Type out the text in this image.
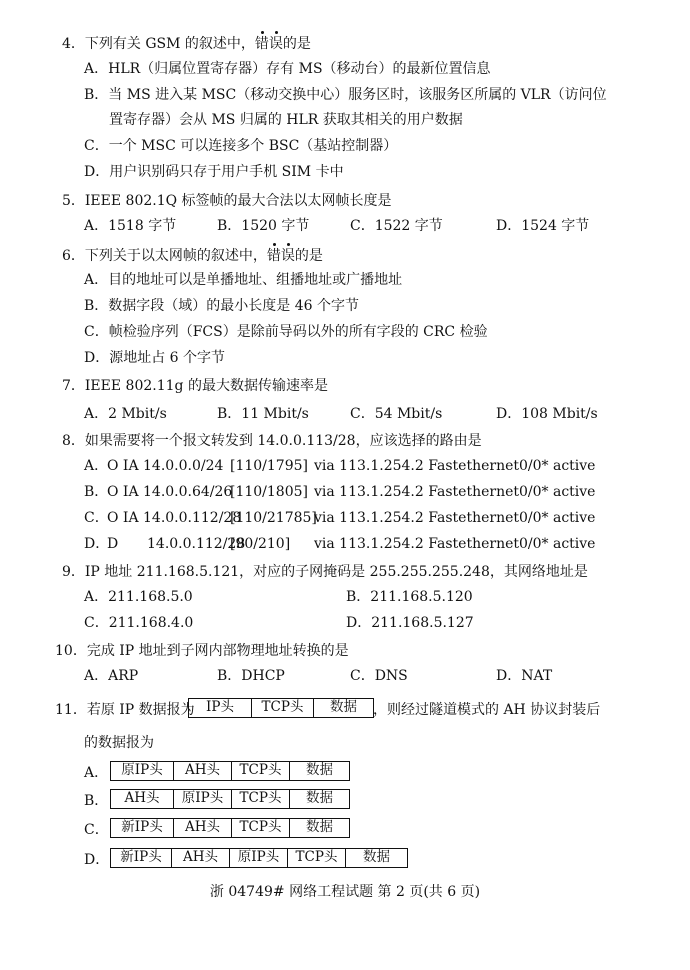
4．下列有关 GSM 的叙述中，错误的是
A．HLR（归属位置寄存器）存有 MS（移动台）的最新位置信息
B．当 MS 进入某 MSC（移动交换中心）服务区时，该服务区所属的 VLR（访问位
置寄存器）会从 MS 归属的 HLR 获取其相关的用户数据
C．一个 MSC 可以连接多个 BSC（基站控制器）
D．用户识别码只存于用户手机 SIM 卡中
5．IEEE 802.1Q 标签帧的最大合法以太网帧长度是
A．1518 字节	B．1520 字节	C．1522 字节	D．1524 字节
6．下列关于以太网帧的叙述中，错误的是
A．目的地址可以是单播地址、组播地址或广播地址
B．数据字段（域）的最小长度是 46 个字节
C．帧检验序列（FCS）是除前导码以外的所有字段的 CRC 检验
D．源地址占 6 个字节
7．IEEE 802.11g 的最大数据传输速率是
A．2 Mbit/s	B．11 Mbit/s	C．54 Mbit/s	D．108 Mbit/s
8．如果需要将一个报文转发到 14.0.0.113/28，应该选择的路由是
A．
O IA 14.0.0.0/24 [110/1795] via 113.1.254.2 Fastethernet0/0* active
B．
O IA 14.0.0.64/26
[110/1805] via 113.1.254.2 Fastethernet0/0* active
C．
O IA 14.0.0.112/28
[110/21785]
via 113.1.254.2 Fastethernet0/0* active
D．
D 14.0.0.112/28
[90/210] via 113.1.254.2 Fastethernet0/0* active
9．IP 地址 211.168.5.121，对应的子网掩码是 255.255.255.248，其网络地址是
A．211.168.5.0	B．211.168.5.120
C．211.168.4.0	D．211.168.5.127
10．完成 IP 地址到子网内部物理地址转换的是
A．ARP	B．DHCP	C．DNS	D．NAT
11．若原 IP 数据报为 IP头	TCP头	数据	，则经过隧道模式的 AH 协议封装后
的数据报为
A． 原IP头	AH头	TCP头	数据
B．	AH头	原IP头	TCP头	数据
C． 新IP头	AH头	TCP头	数据
D． 新IP头	AH头	原IP头	TCP头	数据
浙 04749# 网络工程试题 第 2 页(共 6 页)
